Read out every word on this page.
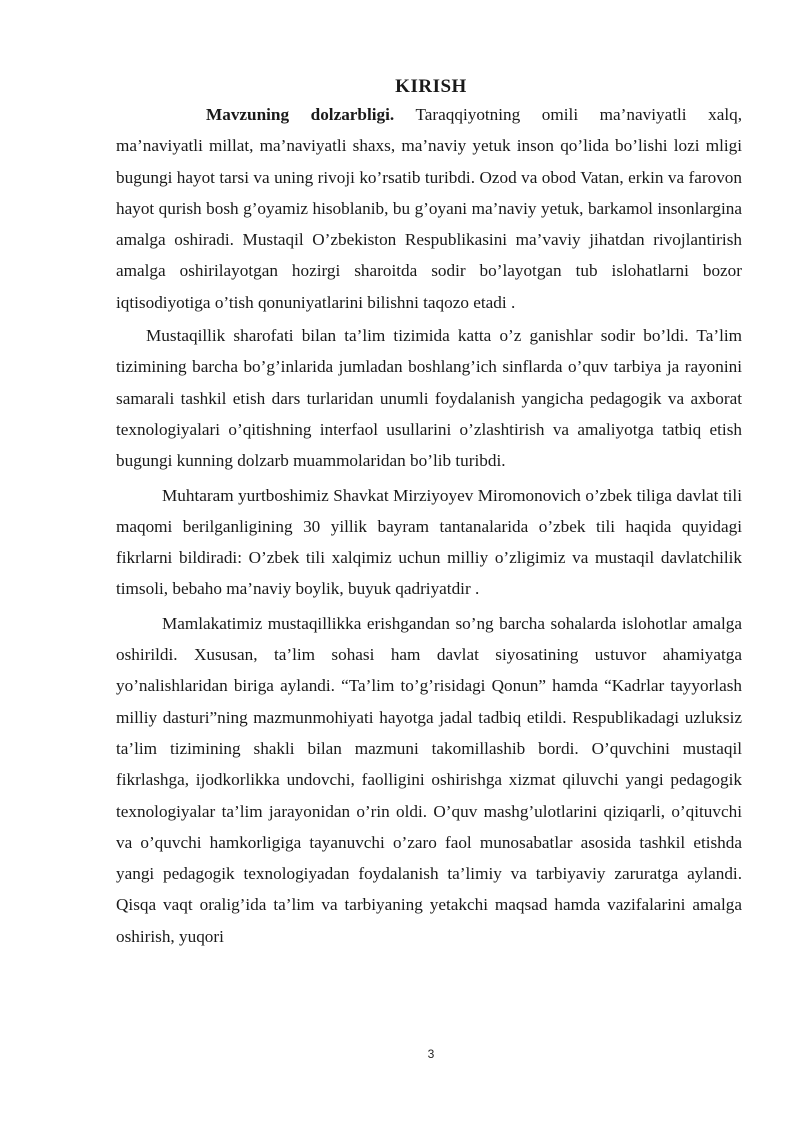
KIRISH

Mavzuning dolzarbligi. Taraqqiyotning omili ma’naviyatli xalq, ma’naviyatli millat, ma’naviyatli shaxs, ma’naviy yetuk inson qo’lida bo’lishi lozi mligi bugungi hayot tarsi va uning rivoji ko’rsatib turibdi. Ozod va obod Vatan, erkin va farovon hayot qurish bosh g’oyamiz hisoblanib, bu g’oyani ma’naviy yetuk, barkamol insonlargina amalga oshiradi. Mustaqil O’zbekiston Respublikasini ma’vaviy jihatdan rivojlantirish amalga oshirilayotgan hozirgi sharoitda sodir bo’layotgan tub islohatlarni bozor iqtisodiyotiga o’tish qonuniyatlarini bilishni taqozo etadi .

Mustaqillik sharofati bilan ta’lim tizimida katta o’z ganishlar sodir bo’ldi. Ta’lim tizimining barcha bo’g’inlarida jumladan boshlang’ich sinflarda o’quv tarbiya ja rayonini samarali tashkil etish dars turlaridan unumli foydalanish yangicha pedagogik va axborat texnologiyalari o’qitishning interfaol usullarini o’zlashtirish va amaliyotga tatbiq etish bugungi kunning dolzarb muammolaridan bo’lib turibdi.

Muhtaram yurtboshimiz Shavkat Mirziyoyev Miromonovich o’zbek tiliga davlat tili maqomi berilganligining 30 yillik bayram tantanalarida o’zbek tili haqida quyidagi fikrlarni bildiradi: O’zbek tili xalqimiz uchun milliy o’zligimiz va mustaqil davlatchilik timsoli, bebaho ma’naviy boylik, buyuk qadriyatdir .

Mamlakatimiz mustaqillikka erishgandan so’ng barcha sohalarda islohotlar amalga oshirildi. Xususan, ta’lim sohasi ham davlat siyosatining ustuvor ahamiyatga yo’nalishlaridan biriga aylandi. “Ta’lim to’g’risidagi Qonun” hamda “Kadrlar tayyorlash milliy dasturi”ning mazmunmohiyati hayotga jadal tadbiq etildi. Respublikadagi uzluksiz ta’lim tizimining shakli bilan mazmuni takomillashib bordi. O’quvchini mustaqil fikrlashga, ijodkorlikka undovchi, faolligini oshirishga xizmat qiluvchi yangi pedagogik texnologiyalar ta’lim jarayonidan o’rin oldi. O’quv mashg’ulotlarini qiziqarli, o’qituvchi va o’quvchi hamkorligiga tayanuvchi o’zaro faol munosabatlar asosida tashkil etishda yangi pedagogik texnologiyadan foydalanish ta’limiy va tarbiyaviy zaruratga aylandi. Qisqa vaqt oralig’ida ta’lim va tarbiyaning yetakchi maqsad hamda vazifalarini amalga oshirish, yuqori

3
